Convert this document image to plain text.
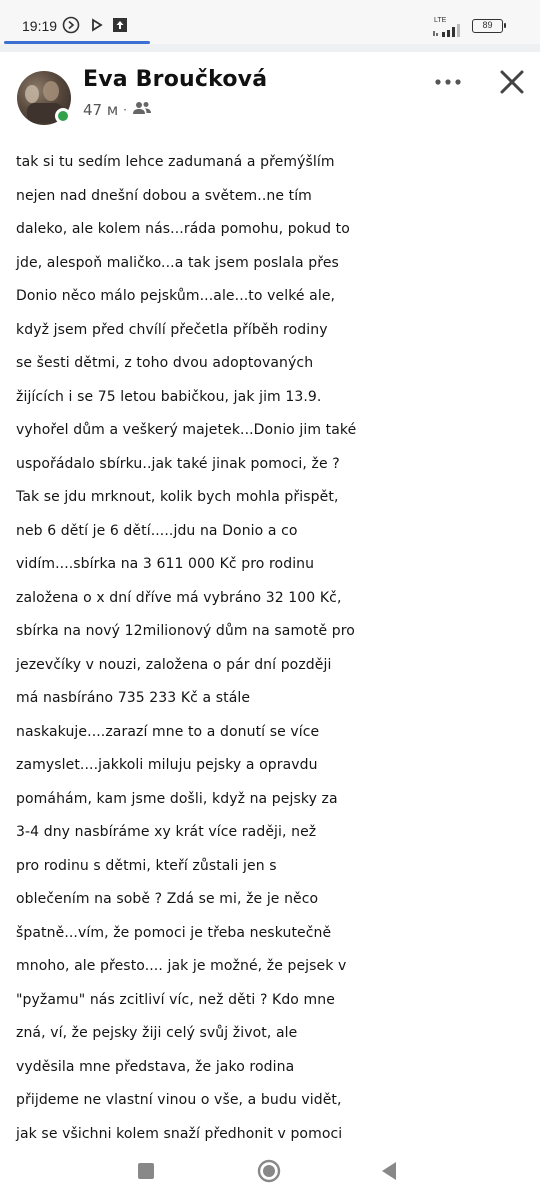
19:19	LTE	89
Eva Broučková
47 м ·
tak si tu sedím lehce zadumaná a přemýšlím
nejen nad dnešní dobou a světem..ne tím
daleko, ale kolem nás...ráda pomohu, pokud to
jde, alespoň maličko...a tak jsem poslala přes
Donio něco málo pejskům...ale...to velké ale,
když jsem před chvílí přečetla příběh rodiny
se šesti dětmi, z toho dvou adoptovaných
žijících i se 75 letou babičkou, jak jim 13.9.
vyhořel dům a veškerý majetek...Donio jim také
uspořádalo sbírku..jak také jinak pomoci, že ?
Tak se jdu mrknout, kolik bych mohla přispět,
neb 6 dětí je 6 dětí.....jdu na Donio a co
vidím....sbírka na 3 611 000 Kč pro rodinu
založena o x dní dříve má vybráno 32 100 Kč,
sbírka na nový 12milionový dům na samotě pro
jezevčíky v nouzi, založena o pár dní později
má nasbíráno 735 233 Kč a stále
naskakuje....zarazí mne to a donutí se více
zamyslet....jakkoli miluju pejsky a opravdu
pomáhám, kam jsme došli, když na pejsky za
3-4 dny nasbíráme xy krát více raději, než
pro rodinu s dětmi, kteří zůstali jen s
oblečením na sobě ? Zdá se mi, že je něco
špatně...vím, že pomoci je třeba neskutečně
mnoho, ale přesto.... jak je možné, že pejsek v
"pyžamu" nás zcitliví víc, než děti ? Kdo mne
zná, ví, že pejsky žiji celý svůj život, ale
vyděsila mne představa, že jako rodina
přijdeme ne vlastní vinou o vše, a budu vidět,
jak se všichni kolem snaží předhonit v pomoci
